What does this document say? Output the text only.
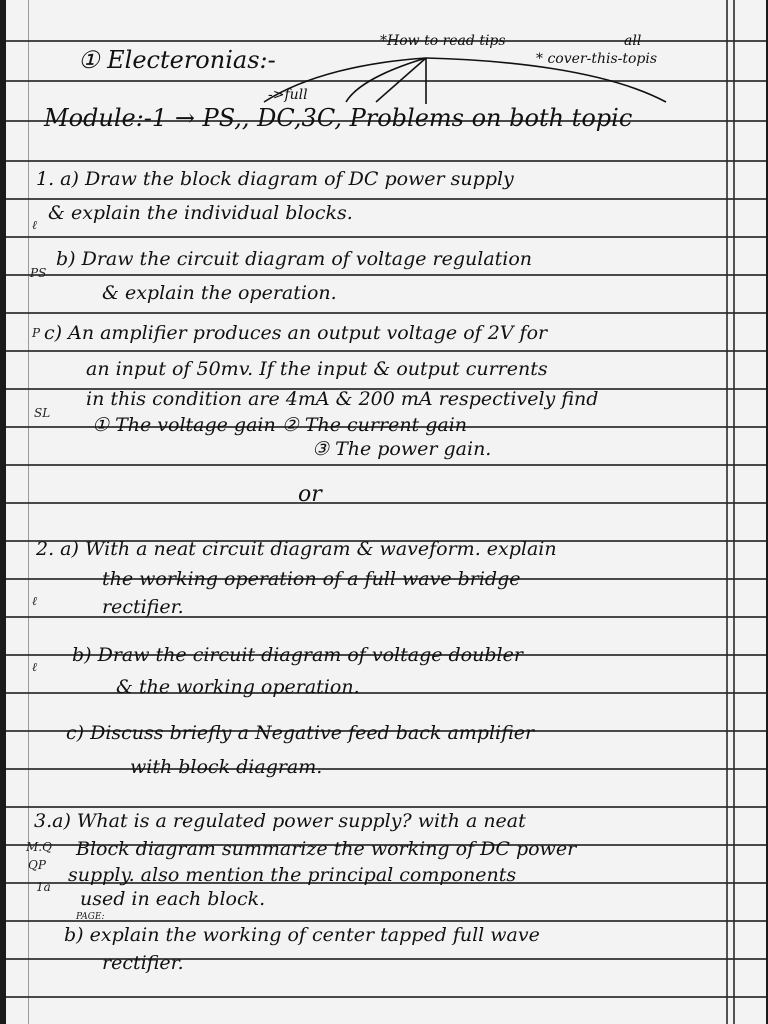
① Electeronias:-
*How to read tips	all
* cover-this-topis
->full
Module:-1 → PS,, DC,3C, Problems on both topic
1. a) Draw the block diagram of DC power supply
& explain the individual blocks.
ℓ
PS
b) Draw the circuit diagram of voltage regulation
& explain the operation.
P c) An amplifier produces an output voltage of 2V for
an input of 50mv. If the input & output currents
in this condition are 4mA & 200 mA respectively find
SL
① The voltage gain ② The current gain
③ The power gain.
or
2. a) With a neat circuit diagram & waveform. explain
the working operation of a full wave bridge
rectifier.
ℓ
ℓ
b) Draw the circuit diagram of voltage doubler
& the working operation.
c) Discuss briefly a Negative feed back amplifier
with block diagram.
3.a) What is a regulated power supply? with a neat
M.Q Block diagram summarize the working of DC power
QP supply. also mention the principal components
1a
used in each block.
PAGE:
b) explain the working of center tapped full wave
rectifier.
